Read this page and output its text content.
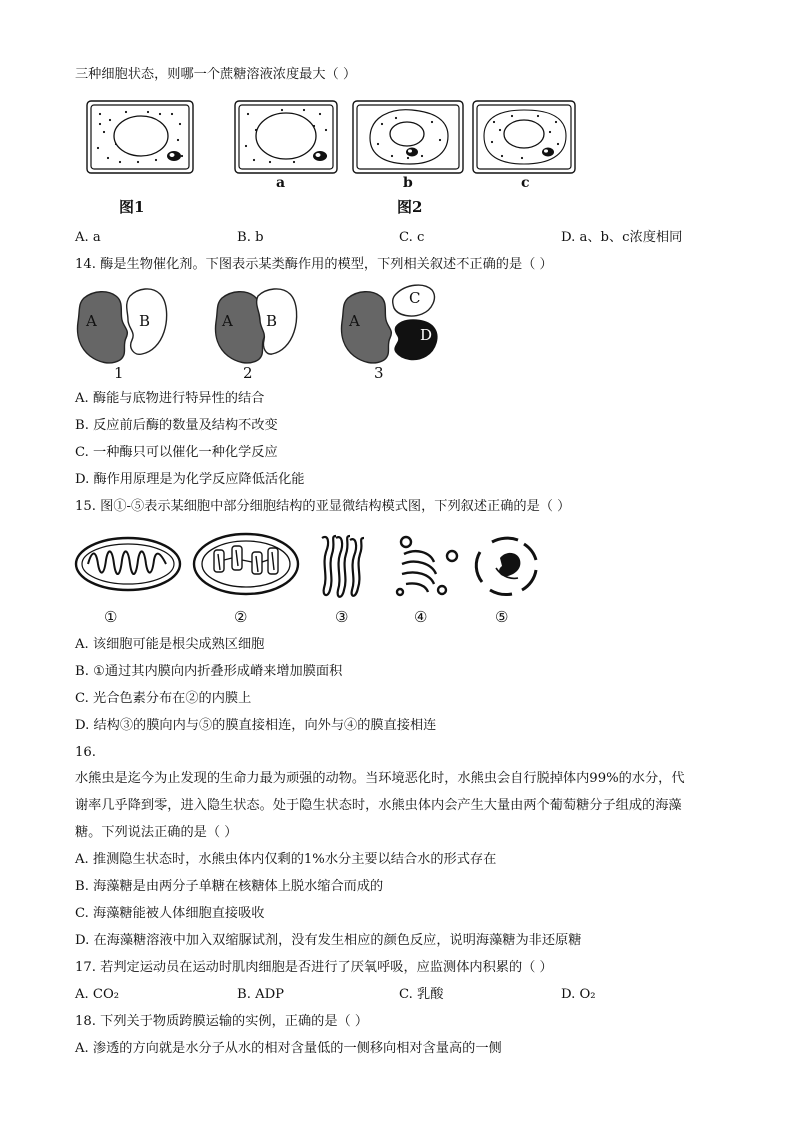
三种细胞状态，则哪一个蔗糖溶液浓度最大（ ）
a	b	c
图1	图2
A. a	B. b	C. c	D. a、b、c浓度相同
14. 酶是生物催化剂。下图表示某类酶作用的模型，下列相关叙述不正确的是（ ）
A	B	A B	A
C
D
1	2	3
A. 酶能与底物进行特异性的结合
B. 反应前后酶的数量及结构不改变
C. 一种酶只可以催化一种化学反应
D. 酶作用原理是为化学反应降低活化能
15. 图①-⑤表示某细胞中部分细胞结构的亚显微结构模式图，下列叙述正确的是（ ）
①	②	③	④	⑤
A. 该细胞可能是根尖成熟区细胞
B. ①通过其内膜向内折叠形成嵴来增加膜面积
C. 光合色素分布在②的内膜上
D. 结构③的膜向内与⑤的膜直接相连，向外与④的膜直接相连
16.
水熊虫是迄今为止发现的生命力最为顽强的动物。当环境恶化时，水熊虫会自行脱掉体内99%的水分，代
谢率几乎降到零，进入隐生状态。处于隐生状态时，水熊虫体内会产生大量由两个葡萄糖分子组成的海藻
糖。下列说法正确的是（ ）
A. 推测隐生状态时，水熊虫体内仅剩的1%水分主要以结合水的形式存在
B. 海藻糖是由两分子单糖在核糖体上脱水缩合而成的
C. 海藻糖能被人体细胞直接吸收
D. 在海藻糖溶液中加入双缩脲试剂，没有发生相应的颜色反应，说明海藻糖为非还原糖
17. 若判定运动员在运动时肌肉细胞是否进行了厌氧呼吸，应监测体内积累的（ ）
A. CO₂	B. ADP	C. 乳酸	D. O₂
18. 下列关于物质跨膜运输的实例，正确的是（ ）
A. 渗透的方向就是水分子从水的相对含量低的一侧移向相对含量高的一侧
